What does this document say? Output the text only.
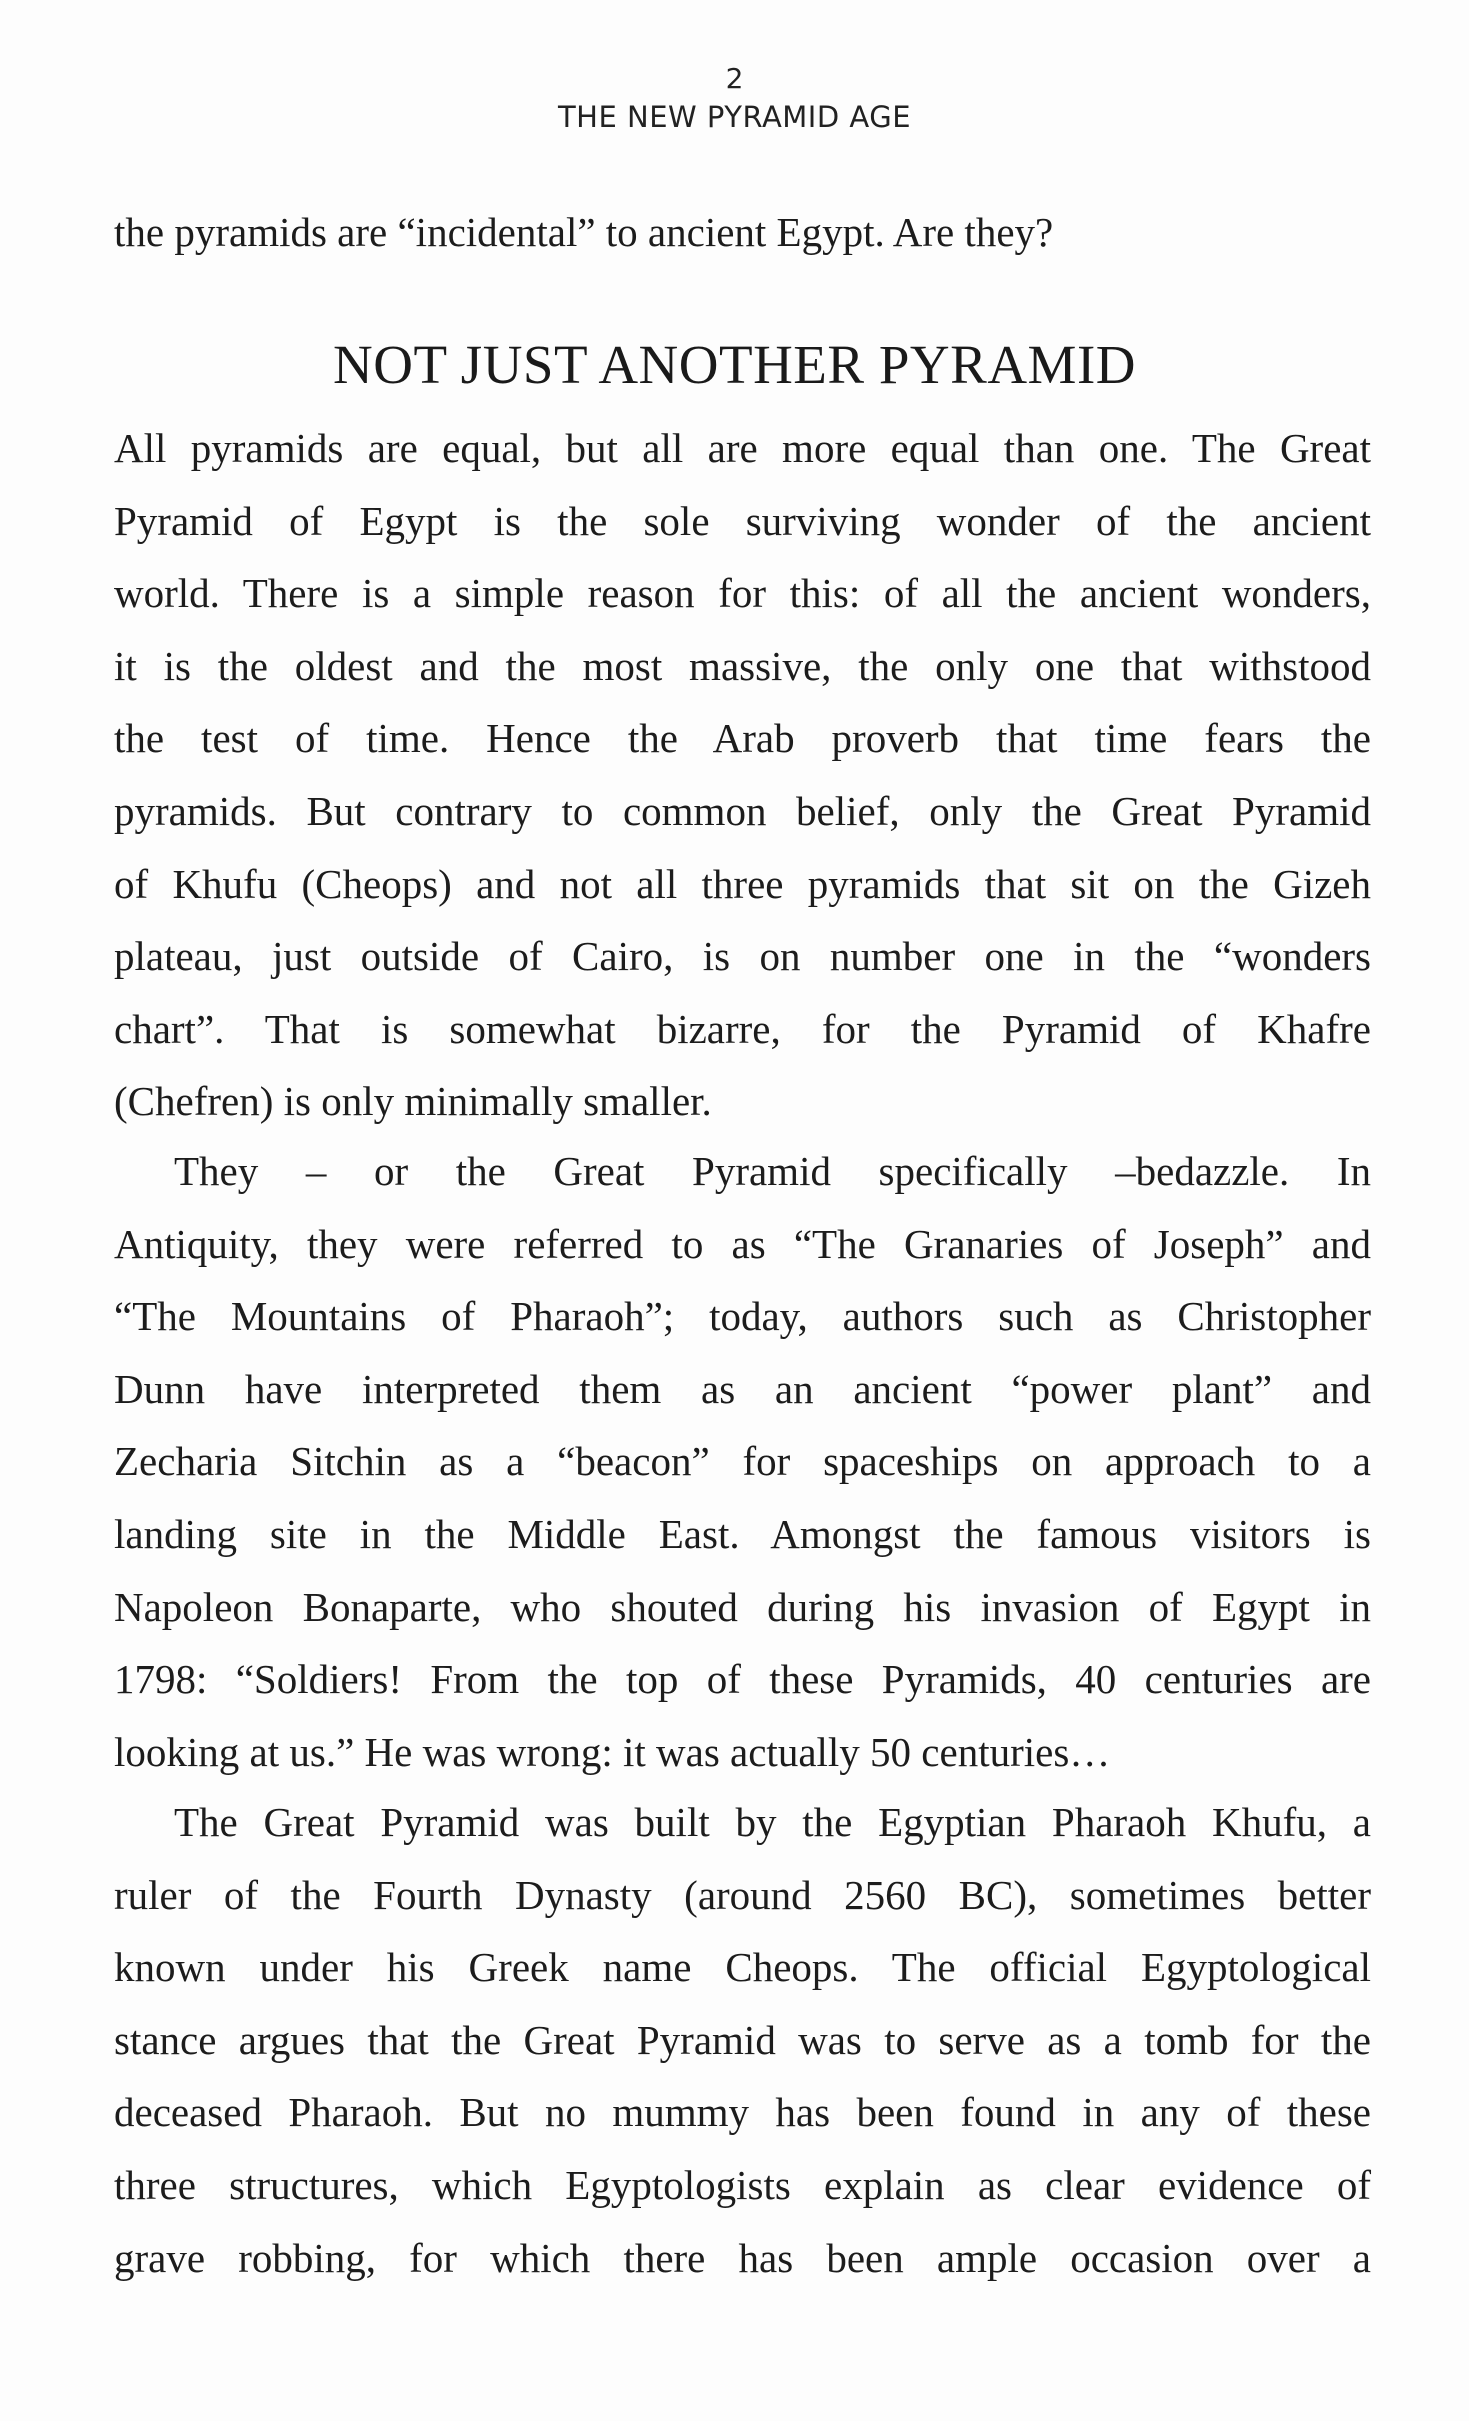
2
THE NEW PYRAMID AGE
the pyramids are “incidental” to ancient Egypt. Are they?
NOT JUST ANOTHER PYRAMID
All pyramids are equal, but all are more equal than one. The Great
Pyramid of Egypt is the sole surviving wonder of the ancient
world. There is a simple reason for this: of all the ancient wonders,
it is the oldest and the most massive, the only one that withstood
the test of time. Hence the Arab proverb that time fears the
pyramids. But contrary to common belief, only the Great Pyramid
of Khufu (Cheops) and not all three pyramids that sit on the Gizeh
plateau, just outside of Cairo, is on number one in the “wonders
chart”. That is somewhat bizarre, for the Pyramid of Khafre
(Chefren) is only minimally smaller.
They – or the Great Pyramid specifically –bedazzle. In
Antiquity, they were referred to as “The Granaries of Joseph” and
“The Mountains of Pharaoh”; today, authors such as Christopher
Dunn have interpreted them as an ancient “power plant” and
Zecharia Sitchin as a “beacon” for spaceships on approach to a
landing site in the Middle East. Amongst the famous visitors is
Napoleon Bonaparte, who shouted during his invasion of Egypt in
1798: “Soldiers! From the top of these Pyramids, 40 centuries are
looking at us.” He was wrong: it was actually 50 centuries…
The Great Pyramid was built by the Egyptian Pharaoh Khufu, a
ruler of the Fourth Dynasty (around 2560 BC), sometimes better
known under his Greek name Cheops. The official Egyptological
stance argues that the Great Pyramid was to serve as a tomb for the
deceased Pharaoh. But no mummy has been found in any of these
three structures, which Egyptologists explain as clear evidence of
grave robbing, for which there has been ample occasion over a
